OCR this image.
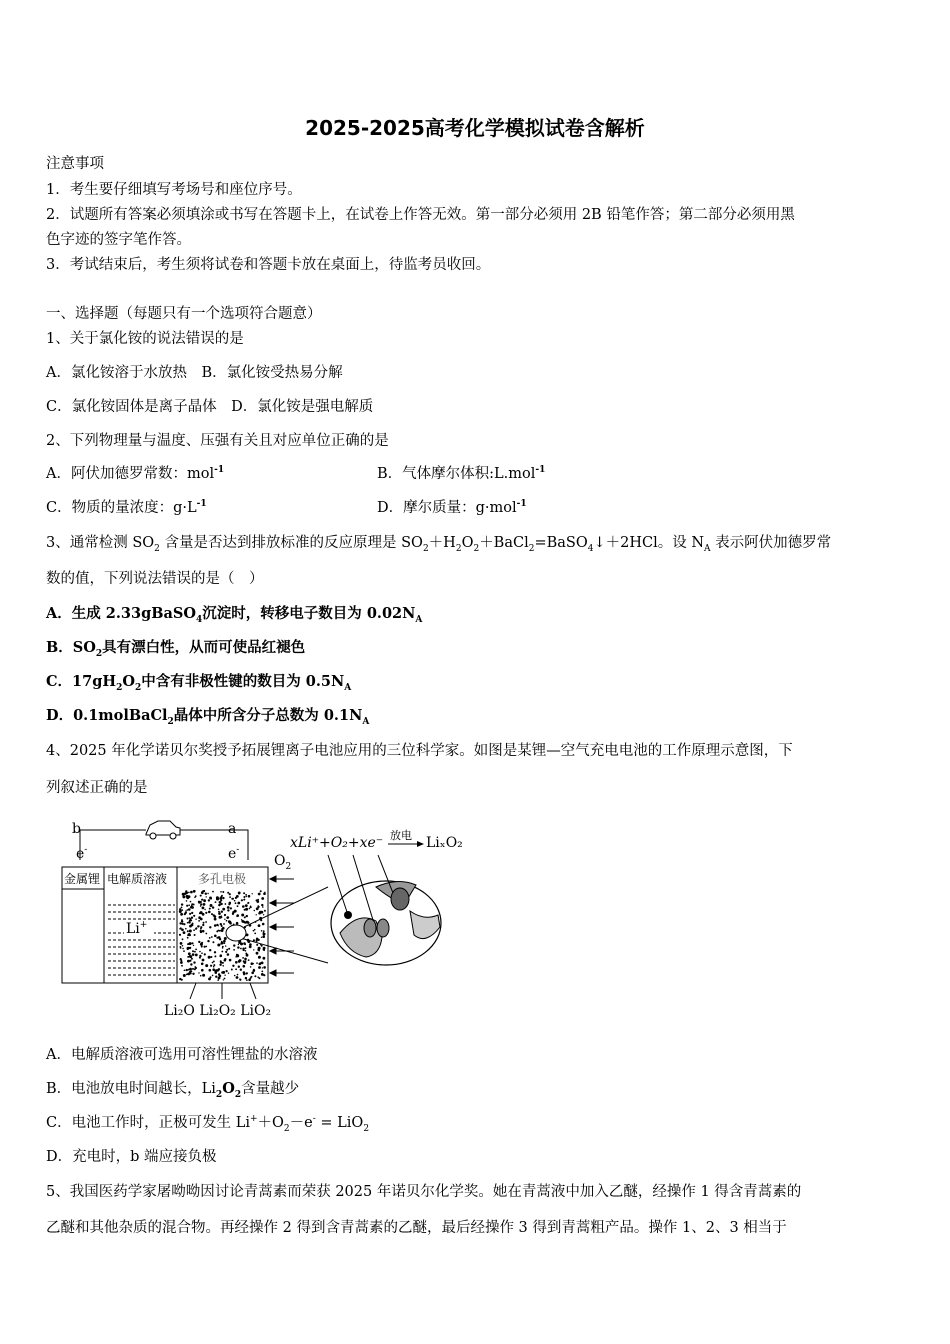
2025-2025高考化学模拟试卷含解析
注意事项
1．考生要仔细填写考场号和座位序号。
2．试题所有答案必须填涂或书写在答题卡上，在试卷上作答无效。第一部分必须用 2B 铅笔作答；第二部分必须用黑
色字迹的签字笔作答。
3．考试结束后，考生须将试卷和答题卡放在桌面上，待监考员收回。
一、选择题（每题只有一个选项符合题意）
1、关于氯化铵的说法错误的是
A．氯化铵溶于水放热　B．氯化铵受热易分解
C．氯化铵固体是离子晶体　D．氯化铵是强电解质
2、下列物理量与温度、压强有关且对应单位正确的是
A．阿伏加德罗常数：mol$^{-1}$	B．气体摩尔体积:L.mol$^{-1}$
C．物质的量浓度：$g\cdot L^{-1}$	D．摩尔质量：g·mol$^{-1}$
3、通常检测 $SO_2$ 含量是否达到排放标准的反应原理是 $SO_2+H_2O_2+BaCl_2=BaSO_4↓+2HCl$。设 $N_A$ 表示阿伏加德罗常
数的值，下列说法错误的是（　）
A．生成 2.33gBaSO$_4$沉淀时，转移电子数目为 $0.02N_A$
B．$SO_2$具有漂白性，从而可使品红褪色
C．$17gH_2O_2$中含有非极性键的数目为 $0.5N_A$
D．0.1molBaCl$_2$晶体中所含分子总数为 $0.1N_A$
4、2025 年化学诺贝尔奖授予拓展锂离子电池应用的三位科学家。如图是某锂—空气充电电池的工作原理示意图，下
列叙述正确的是
b	a
e-	e-
$O_2$
金属锂 电解质溶液	多孔电极
Li+
xLi⁺+O₂+xe⁻ 放电 LiₓO₂
Li₂O Li₂O₂ LiO₂
A．电解质溶液可选用可溶性锂盐的水溶液
B．电池放电时间越长，$Li_2O_2$含量越少
C．电池工作时，正极可发生 $Li^++O_2-e^- = LiO_2$
D．充电时，b 端应接负极
5、我国医药学家屠呦呦因讨论青蒿素而荣获 2025 年诺贝尔化学奖。她在青蒿液中加入乙醚，经操作 1 得含青蒿素的
乙醚和其他杂质的混合物。再经操作 2 得到含青蒿素的乙醚，最后经操作 3 得到青蒿粗产品。操作 1、2、3 相当于
